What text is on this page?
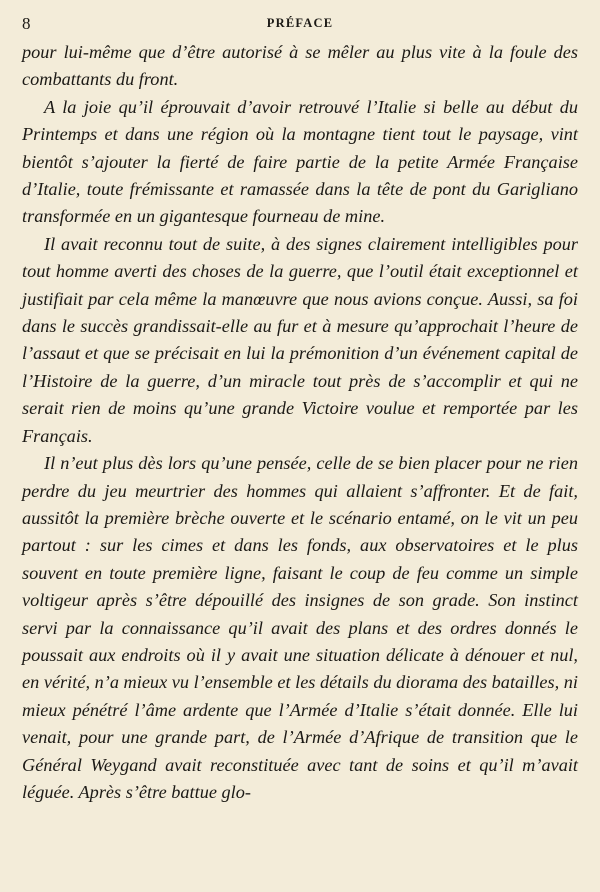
8	PRÉFACE

pour lui-même que d’être autorisé à se mêler au plus vite à la foule des combattants du front.

A la joie qu’il éprouvait d’avoir retrouvé l’Italie si belle au début du Printemps et dans une région où la montagne tient tout le paysage, vint bientôt s’ajouter la fierté de faire partie de la petite Armée Française d’Italie, toute frémissante et ramassée dans la tête de pont du Garigliano transformée en un gigantesque fourneau de mine.

Il avait reconnu tout de suite, à des signes clairement intelligibles pour tout homme averti des choses de la guerre, que l’outil était exceptionnel et justifiait par cela même la manœuvre que nous avions conçue. Aussi, sa foi dans le succès grandissait-elle au fur et à mesure qu’approchait l’heure de l’assaut et que se précisait en lui la prémonition d’un événement capital de l’Histoire de la guerre, d’un miracle tout près de s’accomplir et qui ne serait rien de moins qu’une grande Victoire voulue et remportée par les Français.

Il n’eut plus dès lors qu’une pensée, celle de se bien placer pour ne rien perdre du jeu meurtrier des hommes qui allaient s’affronter. Et de fait, aussitôt la première brèche ouverte et le scénario entamé, on le vit un peu partout : sur les cimes et dans les fonds, aux observatoires et le plus souvent en toute première ligne, faisant le coup de feu comme un simple voltigeur après s’être dépouillé des insignes de son grade. Son instinct servi par la connaissance qu’il avait des plans et des ordres donnés le poussait aux endroits où il y avait une situation délicate à dénouer et nul, en vérité, n’a mieux vu l’ensemble et les détails du diorama des batailles, ni mieux pénétré l’âme ardente que l’Armée d’Italie s’était donnée. Elle lui venait, pour une grande part, de l’Armée d’Afrique de transition que le Général Weygand avait reconstituée avec tant de soins et qu’il m’avait léguée. Après s’être battue glo-
